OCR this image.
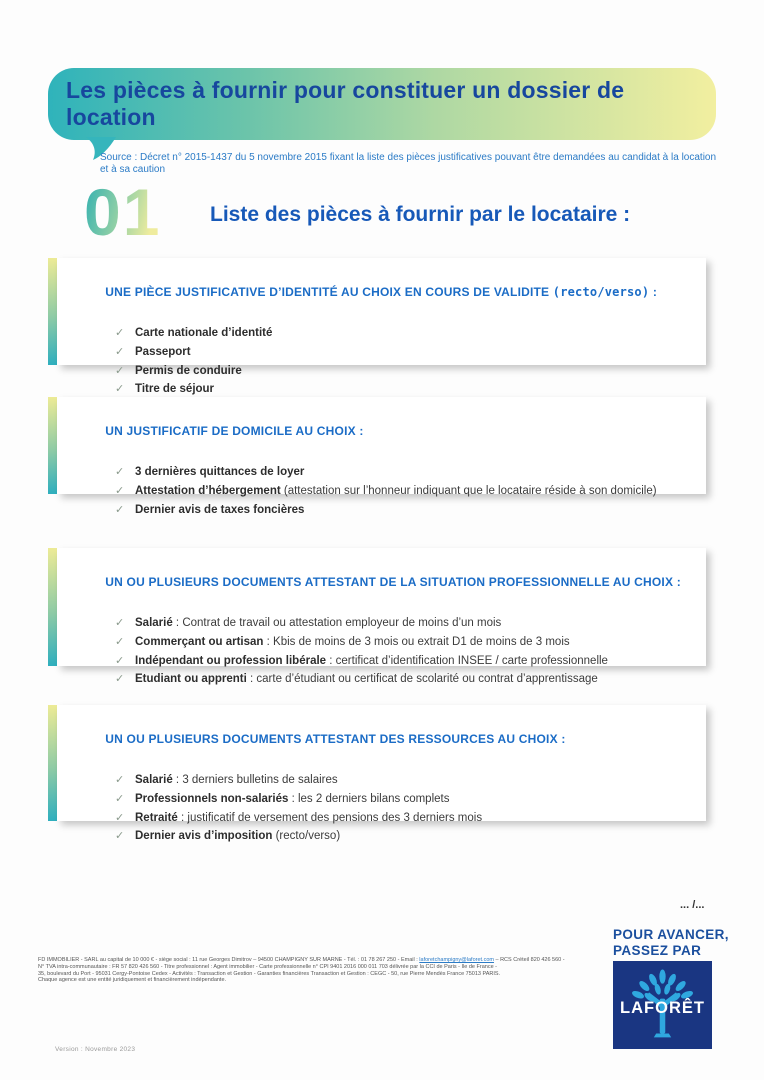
Les pièces à fournir pour constituer un dossier de location
Source : Décret n° 2015-1437 du 5 novembre 2015 fixant la liste des pièces justificatives pouvant être demandées au candidat à la location et à sa caution
01 Liste des pièces à fournir par le locataire :

UNE PIÈCE JUSTIFICATIVE D’IDENTITÉ AU CHOIX EN COURS DE VALIDITE (recto/verso) :

✓ Carte nationale d’identité
✓ Passeport
✓ Permis de conduire
✓ Titre de séjour

UN JUSTIFICATIF DE DOMICILE AU CHOIX :

✓ 3 dernières quittances de loyer
✓ Attestation d’hébergement (attestation sur l’honneur indiquant que le locataire réside à son domicile)
✓ Dernier avis de taxes foncières

UN OU PLUSIEURS DOCUMENTS ATTESTANT DE LA SITUATION PROFESSIONNELLE AU CHOIX :

✓ Salarié : Contrat de travail ou attestation employeur de moins d’un mois
✓ Commerçant ou artisan : Kbis de moins de 3 mois ou extrait D1 de moins de 3 mois
✓ Indépendant ou profession libérale : certificat d’identification INSEE / carte professionnelle
✓ Etudiant ou apprenti : carte d’étudiant ou certificat de scolarité ou contrat d’apprentissage

UN OU PLUSIEURS DOCUMENTS ATTESTANT DES RESSOURCES AU CHOIX :

✓ Salarié : 3 derniers bulletins de salaires
✓ Professionnels non-salariés : les 2 derniers bilans complets
✓ Retraité : justificatif de versement des pensions des 3 derniers mois
✓ Dernier avis d’imposition (recto/verso)
... /...
POUR AVANCER,
PASSEZ PAR
LAFORÊT
FD IMMOBILIER - SARL au capital de 10 000 € - siège social : 11 rue Georges Dimitrov – 94500 CHAMPIGNY SUR MARNE - Tél. : 01 78 267 250 - Email : laforetchampigny@laforet.com – RCS Créteil 820 426 560 -
N° TVA intra-communautaire : FR 57 820 426 560 - Titre professionnel : Agent immobilier - Carte professionnelle n° CPI 9401 2016 000 011 703 délivrée par la CCI de Paris - Ile de France -
35, boulevard du Port - 95031 Cergy-Pontoise Cedex - Activités : Transaction et Gestion - Garanties financières Transaction et Gestion : CEGC - 50, rue Pierre Mendès France 75013 PARIS.
Chaque agence est une entité juridiquement et financièrement indépendante.
Version : Novembre 2023
